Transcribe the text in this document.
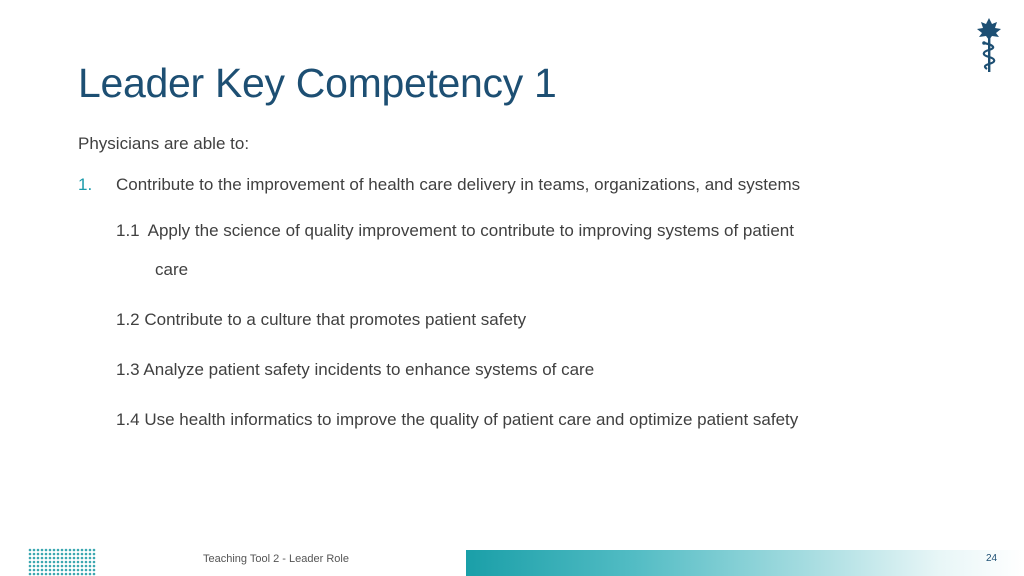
Leader Key Competency 1
Physicians are able to:
1. Contribute to the improvement of health care delivery in teams, organizations, and systems
1.1 Apply the science of quality improvement to contribute to improving systems of patient
care
1.2 Contribute to a culture that promotes patient safety
1.3 Analyze patient safety incidents to enhance systems of care
1.4 Use health informatics to improve the quality of patient care and optimize patient safety
Teaching Tool 2 - Leader Role	24
